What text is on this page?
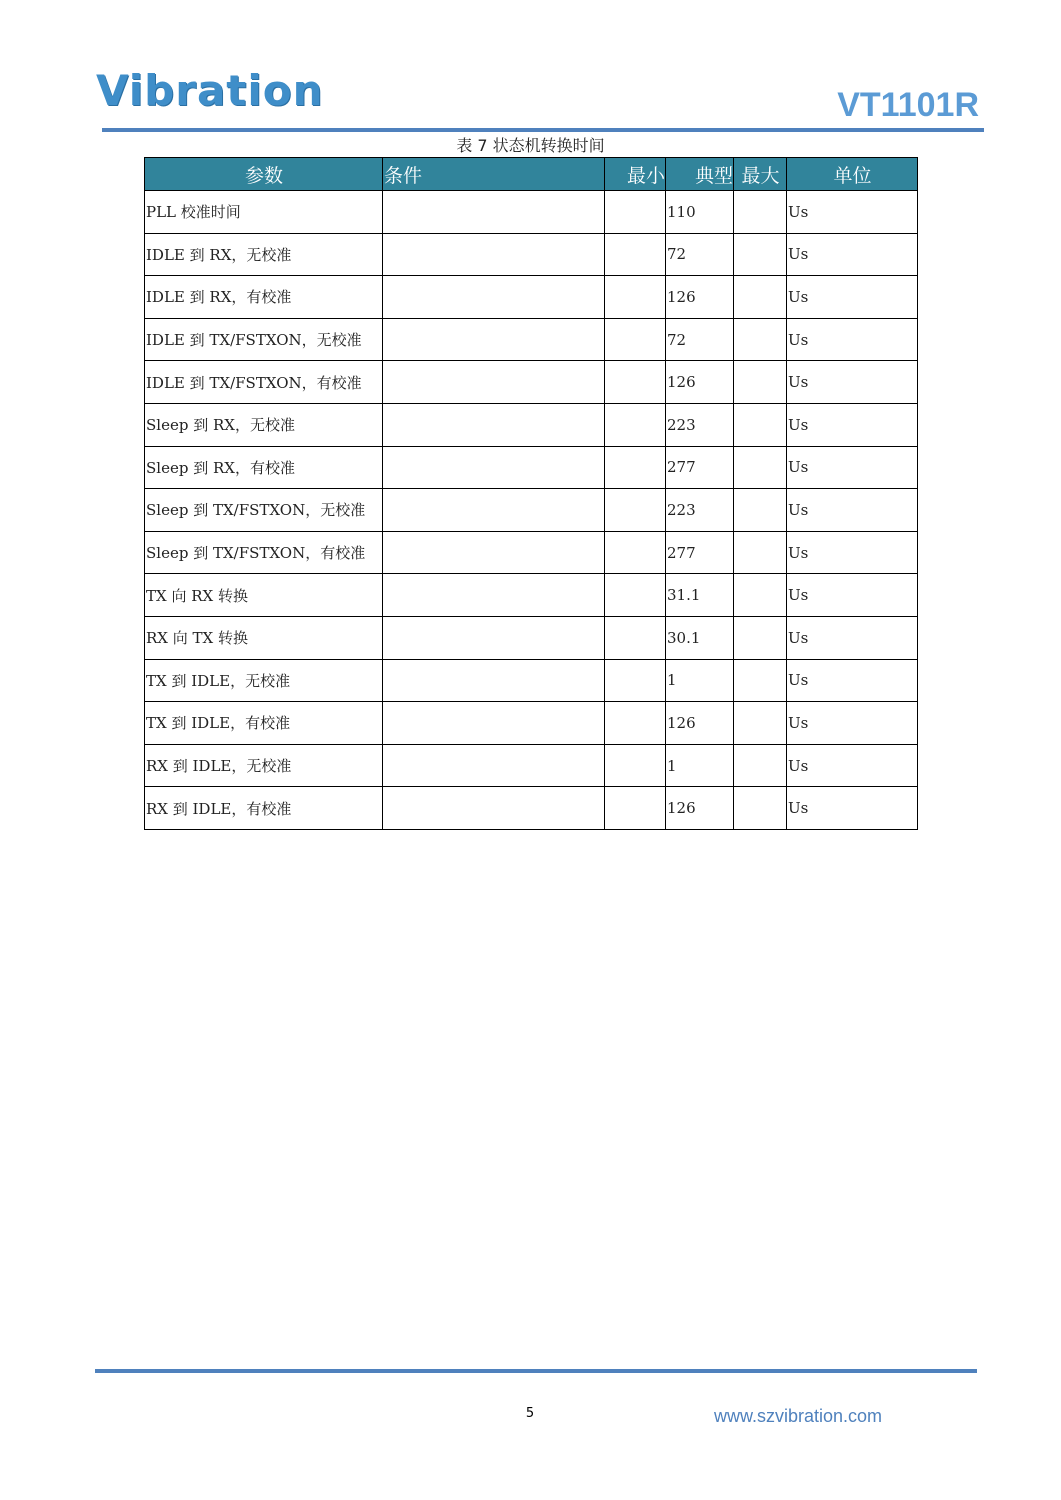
Vibration	VT1101R
表 7 状态机转换时间
参数	条件	最小	典型	最大	单位
PLL 校准时间			110		Us
IDLE 到 RX，无校准			72		Us
IDLE 到 RX，有校准			126		Us
IDLE 到 TX/FSTXON，无校准			72		Us
IDLE 到 TX/FSTXON，有校准			126		Us
Sleep 到 RX，无校准			223		Us
Sleep 到 RX，有校准			277		Us
Sleep 到 TX/FSTXON，无校准			223		Us
Sleep 到 TX/FSTXON，有校准			277		Us
TX 向 RX 转换			31.1		Us
RX 向 TX 转换			30.1		Us
TX 到 IDLE，无校准			1		Us
TX 到 IDLE，有校准			126		Us
RX 到 IDLE，无校准			1		Us
RX 到 IDLE，有校准			126		Us
5	www.szvibration.com
